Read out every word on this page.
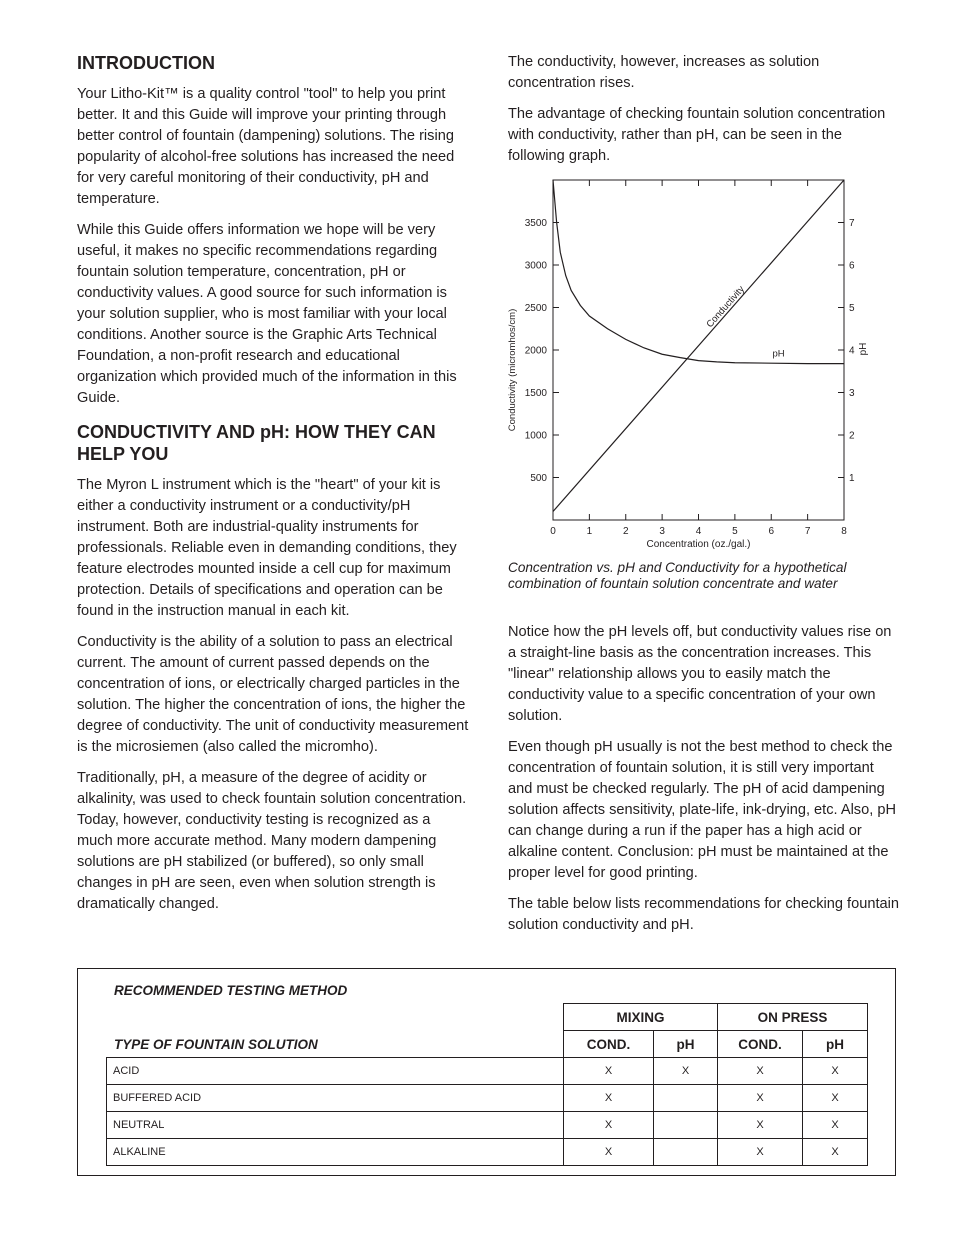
INTRODUCTION

Your Litho-Kit™ is a quality control "tool" to help you print better. It and this Guide will improve your printing through better control of fountain (dampening) solutions. The rising popularity of alcohol-free solutions has increased the need for very careful monitoring of their conductivity, pH and temperature.

While this Guide offers information we hope will be very useful, it makes no specific recommendations regarding fountain solution temperature, concentration, pH or conductivity values. A good source for such information is your solution supplier, who is most familiar with your local conditions. Another source is the Graphic Arts Technical Foundation, a non-profit research and educational organization which provided much of the information in this Guide.

CONDUCTIVITY AND pH: HOW THEY CAN HELP YOU

The Myron L instrument which is the "heart" of your kit is either a conductivity instrument or a conductivity/pH instrument. Both are industrial-quality instruments for professionals. Reliable even in demanding conditions, they feature electrodes mounted inside a cell cup for maximum protection. Details of specifications and operation can be found in the instruction manual in each kit.

Conductivity is the ability of a solution to pass an electrical current. The amount of current passed depends on the concentration of ions, or electrically charged particles in the solution. The higher the concentration of ions, the higher the degree of conductivity. The unit of conductivity measurement is the microsiemen (also called the micromho).

Traditionally, pH, a measure of the degree of acidity or alkalinity, was used to check fountain solution concentration. Today, however, conductivity testing is recognized as a much more accurate method. Many modern dampening solutions are pH stabilized (or buffered), so only small changes in pH are seen, even when solution strength is dramatically changed.

The conductivity, however, increases as solution concentration rises.

The advantage of checking fountain solution concentration with conductivity, rather than pH, can be seen in the following graph.

0	1	2	3	4	5	6	7	8
500
1000
1500
2000
2500
3000
3500
1
2
3
4
5
6
7
Concentration (oz./gal.)
Conductivity (micromhos/cm)	pH
Conductivity
pH
Concentration vs. pH and Conductivity for a hypothetical combination of fountain solution concentrate and water

Notice how the pH levels off, but conductivity values rise on a straight-line basis as the concentration increases. This "linear" relationship allows you to easily match the conductivity value to a specific concentration of your own solution.

Even though pH usually is not the best method to check the concentration of fountain solution, it is still very important and must be checked regularly. The pH of acid dampening solution affects sensitivity, plate-life, ink-drying, etc. Also, pH can change during a run if the paper has a high acid or alkaline content. Conclusion: pH must be maintained at the proper level for good printing.

The table below lists recommendations for checking fountain solution conductivity and pH.

RECOMMENDED TESTING METHOD
TYPE OF FOUNTAIN SOLUTION
	MIXING		ON PRESS	
	COND.	pH	COND.	pH
ACID	X	X	X	X
BUFFERED ACID	X		X	X
NEUTRAL	X		X	X
ALKALINE	X		X	X
